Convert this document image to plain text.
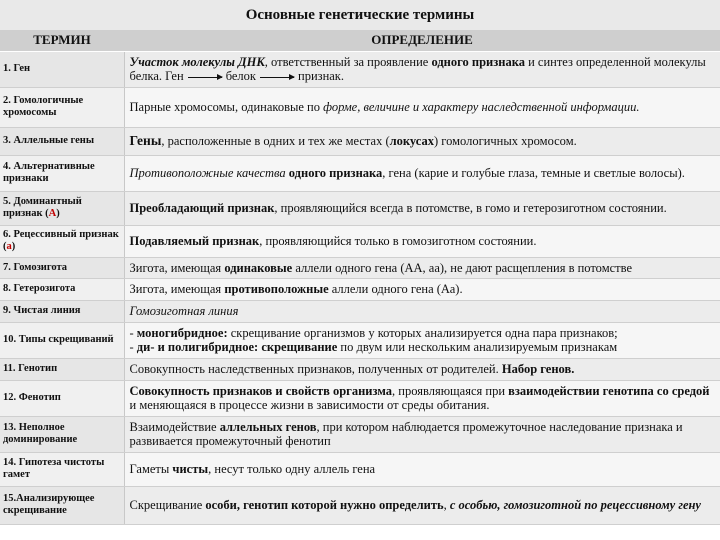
Основные генетические термины
ТЕРМИН	ОПРЕДЕЛЕНИЕ
1. Ген	Участок молекулы ДНК, ответственный за проявление одного признака и синтез определенной молекулы белка. Ген белок признак.
2. Гомологичные хромосомы	Парные хромосомы, одинаковые по форме, величине и характеру наследственной информации.
3. Аллельные гены	Гены, расположенные в одних и тех же местах (локусах) гомологичных хромосом.
4. Альтернативные признаки	Противоположные качества одного признака, гена (карие и голубые глаза, темные и светлые волосы).
5. Доминантный признак (А)	Преобладающий признак, проявляющийся всегда в потомстве, в гомо и гетерозиготном состоянии.
6. Рецессивный признак (а)	Подавляемый признак, проявляющийся только в гомозиготном состоянии.
7. Гомозигота	Зигота, имеющая одинаковые аллели одного гена (АА, аа), не дают расщепления в потомстве
8. Гетерозигота	Зигота, имеющая противоположные аллели одного гена (Аа).
9. Чистая линия	Гомозиготная линия
10. Типы скрещиваний	- моногибридное: скрещивание организмов у которых анализируется одна пара признаков;
- ди- и полигибридное: скрещивание по двум или нескольким анализируемым признакам

11. Генотип	Совокупность наследственных признаков, полученных от родителей. Набор генов.
12. Фенотип	Совокупность признаков и свойств организма, проявляющаяся при взаимодействии генотипа со средой и меняющаяся в процессе жизни в зависимости от среды обитания.
13. Неполное доминирование	Взаимодействие аллельных генов, при котором наблюдается промежуточное наследование признака и развивается промежуточный фенотип
14. Гипотеза чистоты гамет	Гаметы чисты, несут только одну аллель гена
15.Анализирующее скрещивание	Скрещивание особи, генотип которой нужно определить, с особью, гомозиготной по рецессивному гену
